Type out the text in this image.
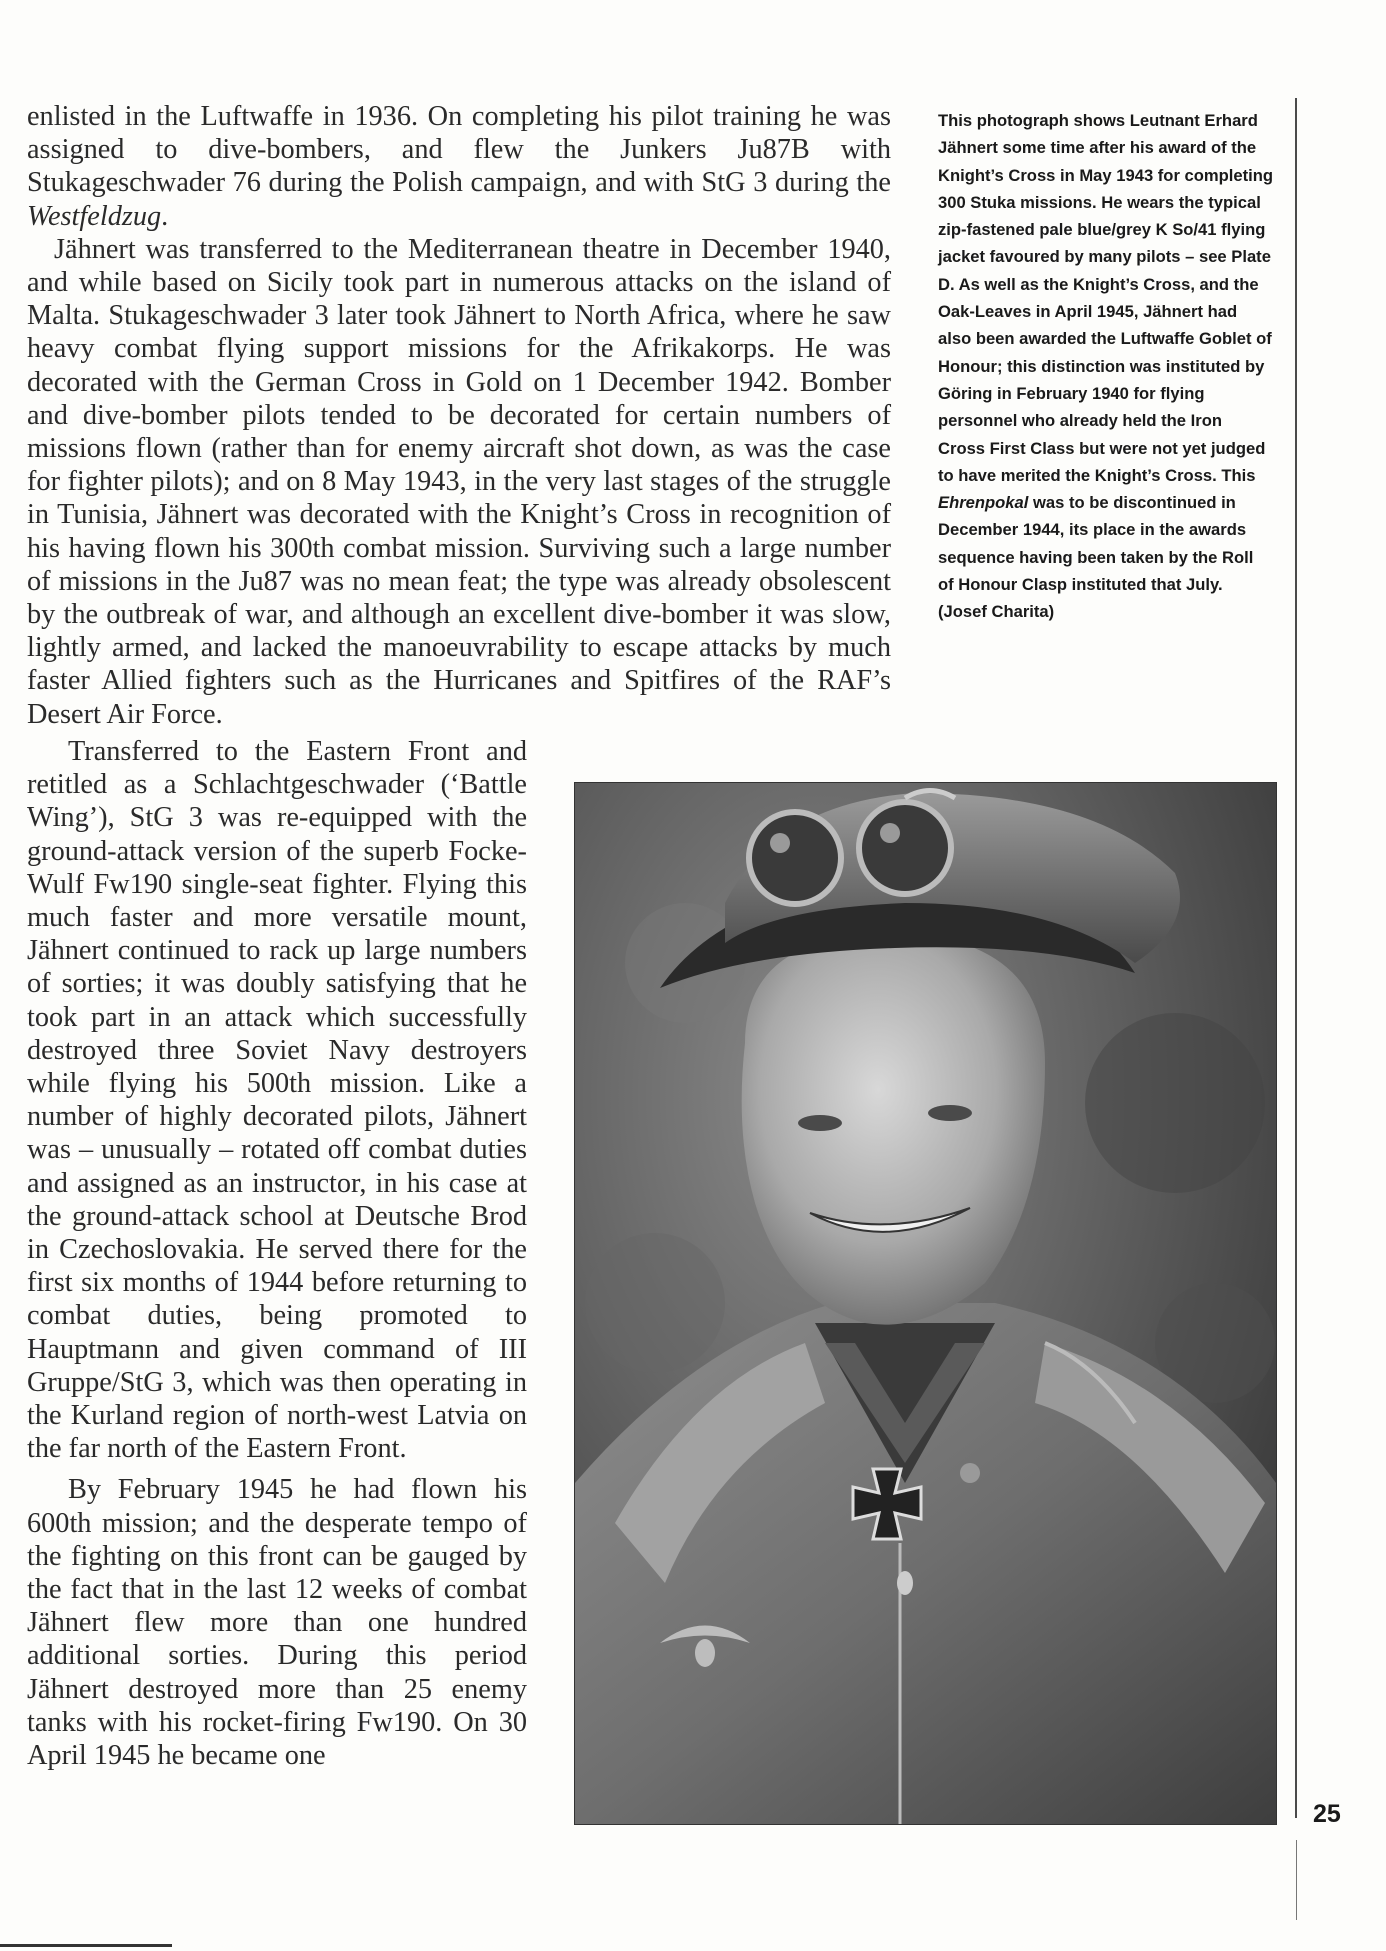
enlisted in the Luftwaffe in 1936. On completing his pilot training he was assigned to dive-bombers, and flew the Junkers Ju87B with Stukageschwader 76 during the Polish campaign, and with StG 3 during the Westfeldzug.

Jähnert was transferred to the Mediterranean theatre in December 1940, and while based on Sicily took part in numerous attacks on the island of Malta. Stukageschwader 3 later took Jähnert to North Africa, where he saw heavy combat flying support missions for the Afrikakorps. He was decorated with the German Cross in Gold on 1 December 1942. Bomber and dive-bomber pilots tended to be decorated for certain numbers of missions flown (rather than for enemy aircraft shot down, as was the case for fighter pilots); and on 8 May 1943, in the very last stages of the struggle in Tunisia, Jähnert was decorated with the Knight’s Cross in recognition of his having flown his 300th combat mission. Surviving such a large number of missions in the Ju87 was no mean feat; the type was already obsolescent by the outbreak of war, and although an excellent dive-bomber it was slow, lightly armed, and lacked the manoeuvrability to escape attacks by much faster Allied fighters such as the Hurricanes and Spitfires of the RAF’s Desert Air Force.

This photograph shows Leutnant Erhard Jähnert some time after his award of the Knight’s Cross in May 1943 for completing 300 Stuka missions. He wears the typical zip-fastened pale blue/grey K So/41 flying jacket favoured by many pilots – see Plate D. As well as the Knight’s Cross, and the Oak-Leaves in April 1945, Jähnert had also been awarded the Luftwaffe Goblet of Honour; this distinction was instituted by Göring in February 1940 for flying personnel who already held the Iron Cross First Class but were not yet judged to have merited the Knight’s Cross. This Ehrenpokal was to be discontinued in December 1944, its place in the awards sequence having been taken by the Roll of Honour Clasp instituted that July. (Josef Charita)

Transferred to the Eastern Front and retitled as a Schlachtgeschwader (‘Battle Wing’), StG 3 was re-equipped with the ground-attack version of the superb Focke-Wulf Fw190 single-seat fighter. Flying this much faster and more versatile mount, Jähnert continued to rack up large numbers of sorties; it was doubly satisfying that he took part in an attack which successfully destroyed three Soviet Navy destroyers while flying his 500th mission. Like a number of highly decorated pilots, Jähnert was – unusually – rotated off combat duties and assigned as an instructor, in his case at the ground-attack school at Deutsche Brod in Czechoslovakia. He served there for the first six months of 1944 before returning to combat duties, being promoted to Hauptmann and given command of III Gruppe/StG 3, which was then operating in the Kurland region of north-west Latvia on the far north of the Eastern Front.

By February 1945 he had flown his 600th mission; and the desperate tempo of the fighting on this front can be gauged by the fact that in the last 12 weeks of combat Jähnert flew more than one hundred additional sorties. During this period Jähnert destroyed more than 25 enemy tanks with his rocket-firing Fw190. On 30 April 1945 he became one

25
